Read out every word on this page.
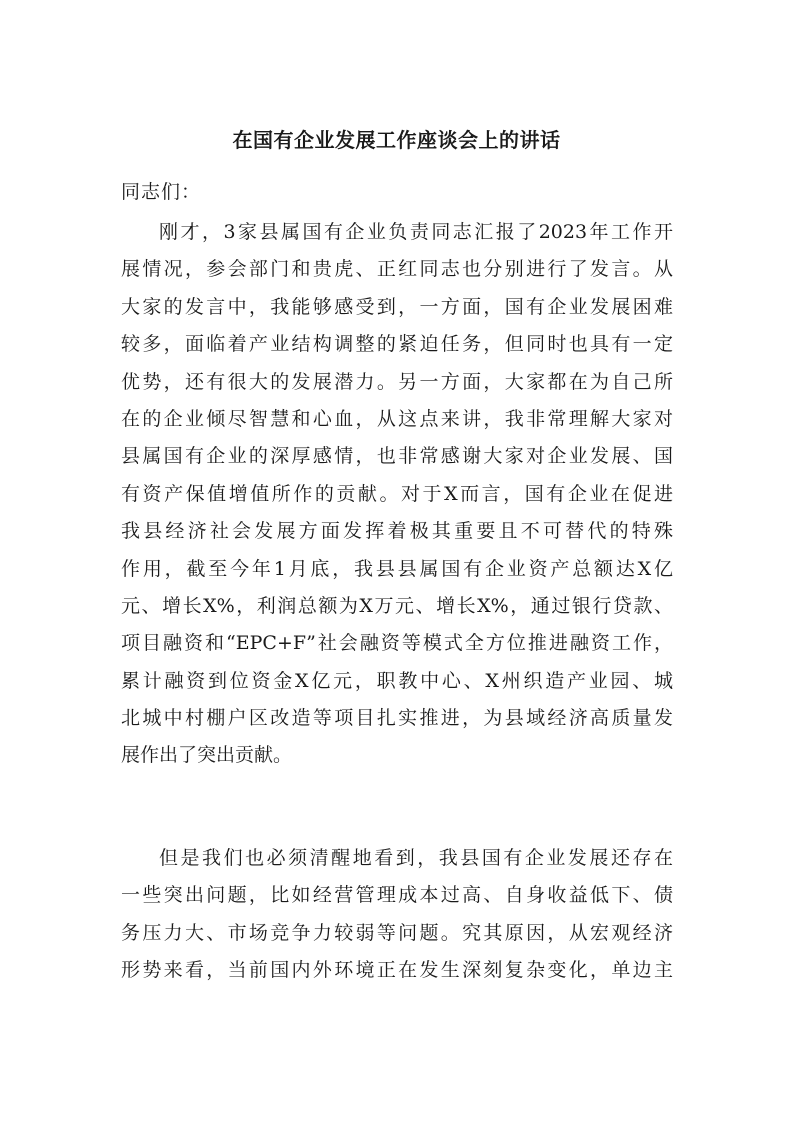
在国有企业发展工作座谈会上的讲话
同志们：
刚才，3家县属国有企业负责同志汇报了2023年工作开
展情况，参会部门和贵虎、正红同志也分别进行了发言。从
大家的发言中，我能够感受到，一方面，国有企业发展困难
较多，面临着产业结构调整的紧迫任务，但同时也具有一定
优势，还有很大的发展潜力。另一方面，大家都在为自己所
在的企业倾尽智慧和心血，从这点来讲，我非常理解大家对
县属国有企业的深厚感情，也非常感谢大家对企业发展、国
有资产保值增值所作的贡献。对于X而言，国有企业在促进
我县经济社会发展方面发挥着极其重要且不可替代的特殊
作用，截至今年1月底，我县县属国有企业资产总额达X亿
元、增长X%，利润总额为X万元、增长X%，通过银行贷款、
项目融资和“EPC+F”社会融资等模式全方位推进融资工作，
累计融资到位资金X亿元，职教中心、X州织造产业园、城
北城中村棚户区改造等项目扎实推进，为县域经济高质量发
展作出了突出贡献。
但是我们也必须清醒地看到，我县国有企业发展还存在
一些突出问题，比如经营管理成本过高、自身收益低下、债
务压力大、市场竞争力较弱等问题。究其原因，从宏观经济
形势来看，当前国内外环境正在发生深刻复杂变化，单边主
